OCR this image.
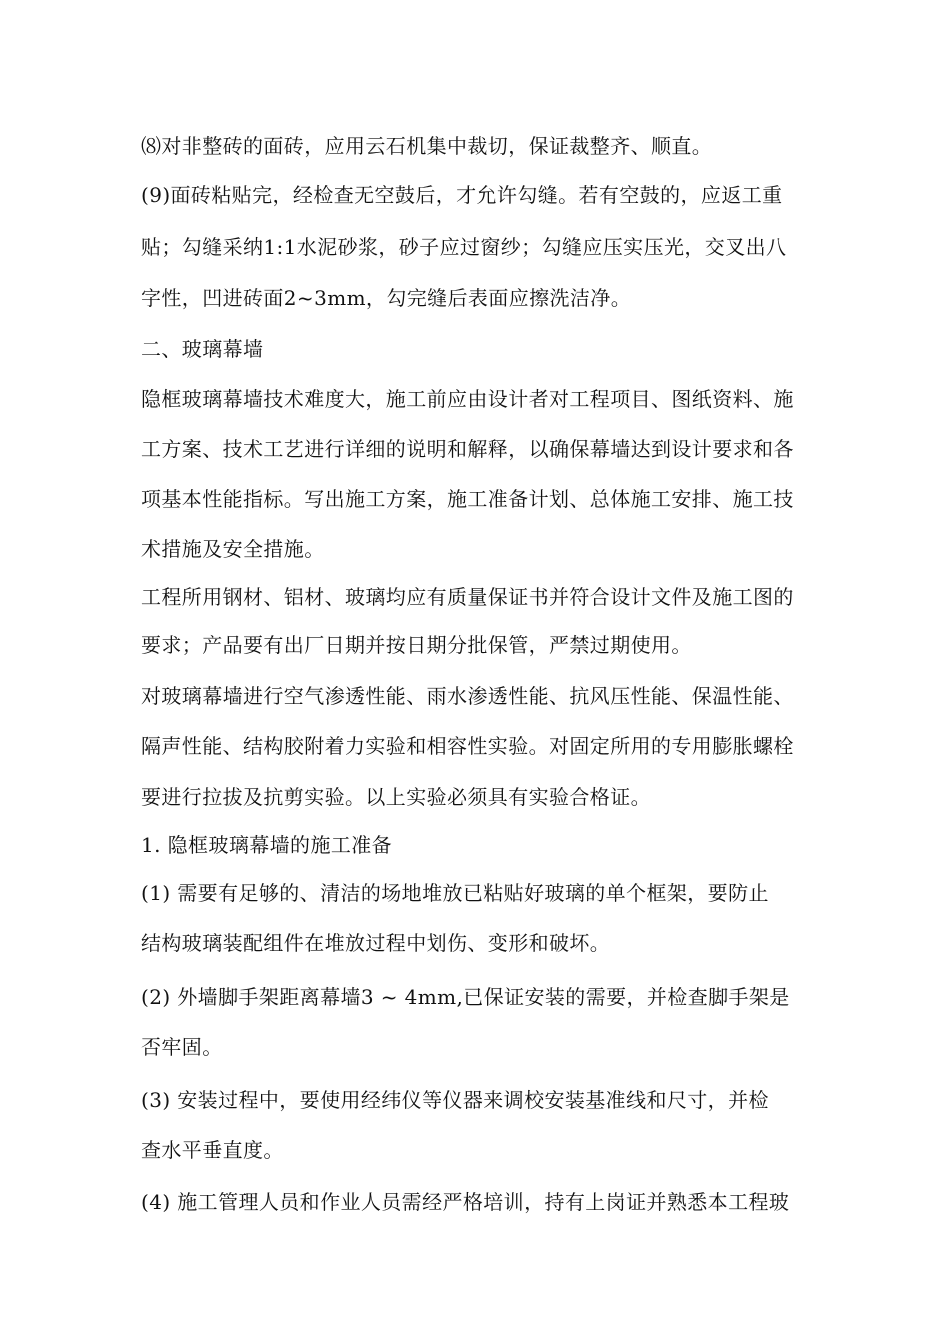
⑻对非整砖的面砖，应用云石机集中裁切，保证裁整齐、顺直。
(9)面砖粘贴完，经检查无空鼓后，才允许勾缝。若有空鼓的，应返工重
贴；勾缝采纳1:1水泥砂浆，砂子应过窗纱；勾缝应压实压光，交叉出八
字性，凹进砖面2~3mm，勾完缝后表面应擦洗洁净。
二、玻璃幕墙
隐框玻璃幕墙技术难度大，施工前应由设计者对工程项目、图纸资料、施
工方案、技术工艺进行详细的说明和解释，以确保幕墙达到设计要求和各
项基本性能指标。写出施工方案，施工准备计划、总体施工安排、施工技
术措施及安全措施。
工程所用钢材、铝材、玻璃均应有质量保证书并符合设计文件及施工图的
要求；产品要有出厂日期并按日期分批保管，严禁过期使用。
对玻璃幕墙进行空气渗透性能、雨水渗透性能、抗风压性能、保温性能、
隔声性能、结构胶附着力实验和相容性实验。对固定所用的专用膨胀螺栓
要进行拉拔及抗剪实验。以上实验必须具有实验合格证。
1. 隐框玻璃幕墙的施工准备
(1) 需要有足够的、清洁的场地堆放已粘贴好玻璃的单个框架，要防止
结构玻璃装配组件在堆放过程中划伤、变形和破坏。
(2) 外墙脚手架距离幕墙3 ~ 4mm,已保证安装的需要，并检查脚手架是
否牢固。
(3) 安装过程中，要使用经纬仪等仪器来调校安装基准线和尺寸，并检
查水平垂直度。
(4) 施工管理人员和作业人员需经严格培训，持有上岗证并熟悉本工程玻
